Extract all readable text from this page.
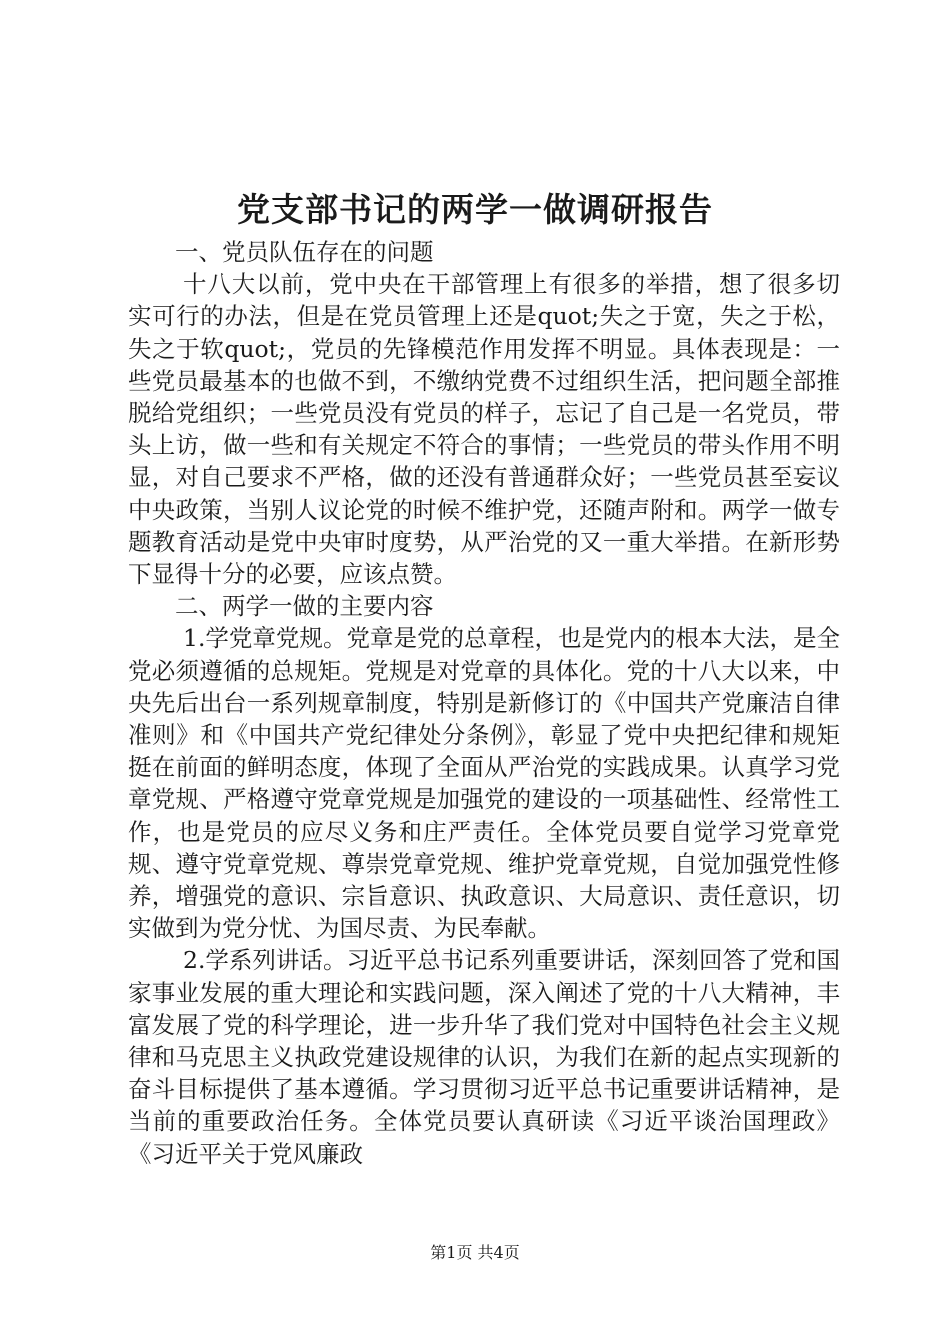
党支部书记的两学一做调研报告

一、党员队伍存在的问题

十八大以前，党中央在干部管理上有很多的举措，想了很多切实可行的办法，但是在党员管理上还是quot;失之于宽，失之于松，失之于软quot;，党员的先锋模范作用发挥不明显。具体表现是：一些党员最基本的也做不到，不缴纳党费不过组织生活，把问题全部推脱给党组织；一些党员没有党员的样子，忘记了自己是一名党员，带头上访，做一些和有关规定不符合的事情；一些党员的带头作用不明显，对自己要求不严格，做的还没有普通群众好；一些党员甚至妄议中央政策，当别人议论党的时候不维护党，还随声附和。两学一做专题教育活动是党中央审时度势，从严治党的又一重大举措。在新形势下显得十分的必要，应该点赞。

二、两学一做的主要内容

1.学党章党规。党章是党的总章程，也是党内的根本大法，是全党必须遵循的总规矩。党规是对党章的具体化。党的十八大以来，中央先后出台一系列规章制度，特别是新修订的《中国共产党廉洁自律准则》和《中国共产党纪律处分条例》，彰显了党中央把纪律和规矩挺在前面的鲜明态度，体现了全面从严治党的实践成果。认真学习党章党规、严格遵守党章党规是加强党的建设的一项基础性、经常性工作，也是党员的应尽义务和庄严责任。全体党员要自觉学习党章党规、遵守党章党规、尊崇党章党规、维护党章党规，自觉加强党性修养，增强党的意识、宗旨意识、执政意识、大局意识、责任意识，切实做到为党分忧、为国尽责、为民奉献。

2.学系列讲话。习近平总书记系列重要讲话，深刻回答了党和国家事业发展的重大理论和实践问题，深入阐述了党的十八大精神，丰富发展了党的科学理论，进一步升华了我们党对中国特色社会主义规律和马克思主义执政党建设规律的认识，为我们在新的起点实现新的奋斗目标提供了基本遵循。学习贯彻习近平总书记重要讲话精神，是当前的重要政治任务。全体党员要认真研读《习近平谈治国理政》《习近平关于党风廉政

第1页 共4页
